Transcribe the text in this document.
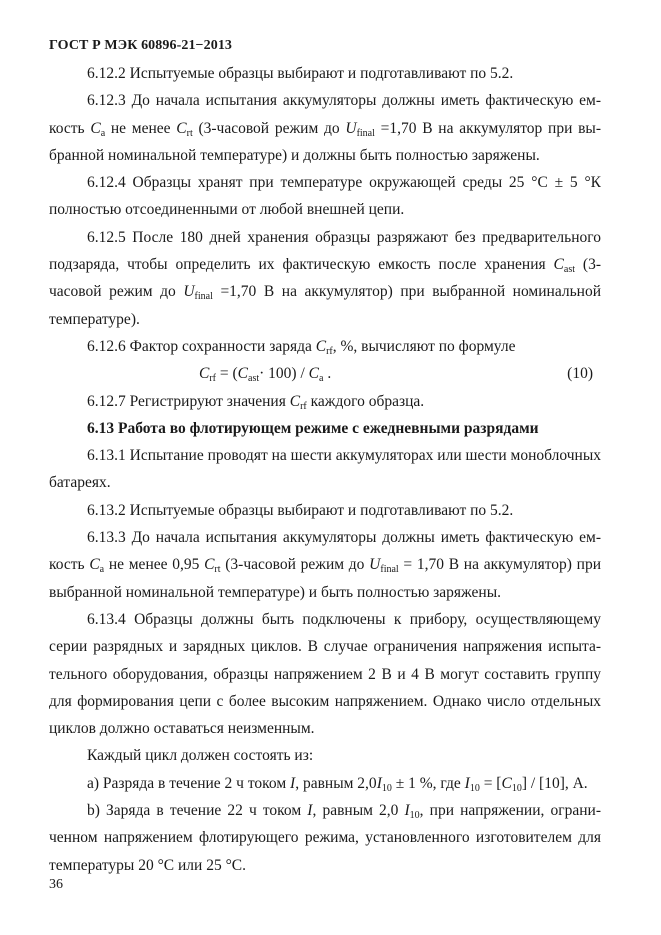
ГОСТ Р МЭК 60896-21−2013

6.12.2 Испытуемые образцы выбирают и подготавливают по 5.2.

6.12.3 До начала испытания аккумуляторы должны иметь фактическую емкость $C_a$ не менее $C_{rt}$ (3-часовой режим до $U_{final} =1,70$ В на аккумулятор при выбранной номинальной температуре) и должны быть полностью заряжены.

6.12.4 Образцы хранят при температуре окружающей среды 25 °С ± 5 °К полностью отсоединенными от любой внешней цепи.

6.12.5 После 180 дней хранения образцы разряжают без предварительного подзаряда, чтобы определить их фактическую емкость после хранения $C_{ast}$ (3-часовой режим до $U_{final} =1,70$ В на аккумулятор) при выбранной номинальной температуре).

6.12.6 Фактор сохранности заряда $C_{rf}$, %, вычисляют по формуле

$C_{rf} = (C_{ast}\cdot 100) / C_a$ .	(10)

6.12.7 Регистрируют значения $C_{rf}$ каждого образца.

6.13 Работа во флотирующем режиме с ежедневными разрядами

6.13.1 Испытание проводят на шести аккумуляторах или шести моноблочных батареях.

6.13.2 Испытуемые образцы выбирают и подготавливают по 5.2.

6.13.3 До начала испытания аккумуляторы должны иметь фактическую емкость $C_a$ не менее 0,95 $C_{rt}$ (3-часовой режим до $U_{final} = 1,70$ В на аккумулятор) при выбранной номинальной температуре) и быть полностью заряжены.

6.13.4 Образцы должны быть подключены к прибору, осуществляющему серии разрядных и зарядных циклов. В случае ограничения напряжения испытательного оборудования, образцы напряжением 2 В и 4 В могут составить группу для формирования цепи с более высоким напряжением. Однако число отдельных циклов должно оставаться неизменным.

Каждый цикл должен состоять из:

а) Разряда в течение 2 ч током I, равным $2,0I_{10} \pm 1$ %, где $I_{10} = [C_{10}] / [10]$, А.

b) Заряда в течение 22 ч током I, равным 2,0 $I_{10}$, при напряжении, ограниченном напряжением флотирующего режима, установленного изготовителем для температуры 20 °С или 25 °С.

36
